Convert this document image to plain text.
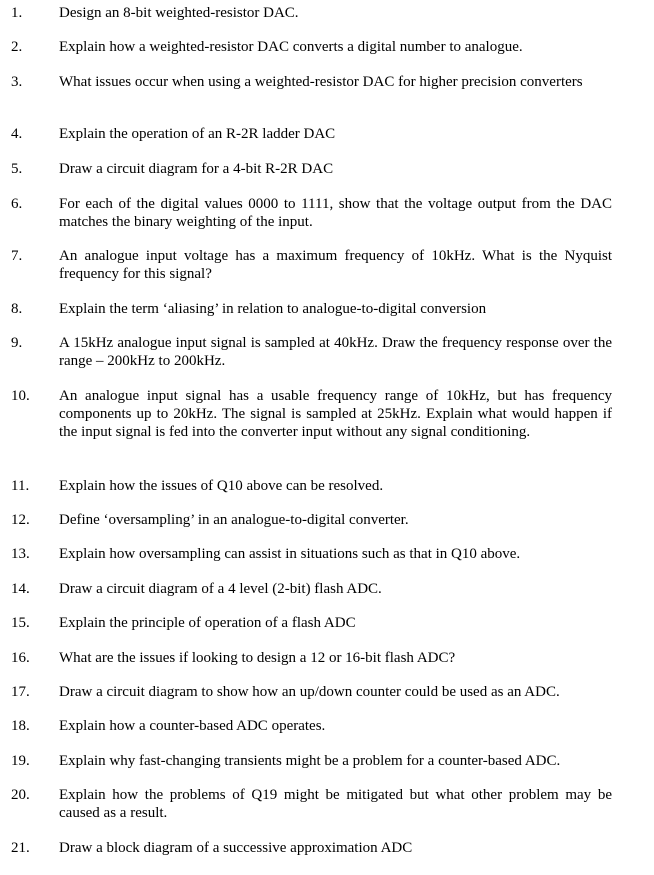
1. Design an 8-bit weighted-resistor DAC.
2. Explain how a weighted-resistor DAC converts a digital number to analogue.
3. What issues occur when using a weighted-resistor DAC for higher precision converters
4. Explain the operation of an R-2R ladder DAC
5. Draw a circuit diagram for a 4-bit R-2R DAC
6. For each of the digital values 0000 to 1111, show that the voltage output from the DAC matches the binary weighting of the input.
7. An analogue input voltage has a maximum frequency of 10kHz. What is the Nyquist frequency for this signal?
8. Explain the term ‘aliasing’ in relation to analogue-to-digital conversion
9. A 15kHz analogue input signal is sampled at 40kHz. Draw the frequency response over the range – 200kHz to 200kHz.
10. An analogue input signal has a usable frequency range of 10kHz, but has frequency components up to 20kHz. The signal is sampled at 25kHz. Explain what would happen if the input signal is fed into the converter input without any signal conditioning.
11. Explain how the issues of Q10 above can be resolved.
12. Define ‘oversampling’ in an analogue-to-digital converter.
13. Explain how oversampling can assist in situations such as that in Q10 above.
14. Draw a circuit diagram of a 4 level (2-bit) flash ADC.
15. Explain the principle of operation of a flash ADC
16. What are the issues if looking to design a 12 or 16-bit flash ADC?
17. Draw a circuit diagram to show how an up/down counter could be used as an ADC.
18. Explain how a counter-based ADC operates.
19. Explain why fast-changing transients might be a problem for a counter-based ADC.
20. Explain how the problems of Q19 might be mitigated but what other problem may be caused as a result.
21. Draw a block diagram of a successive approximation ADC
